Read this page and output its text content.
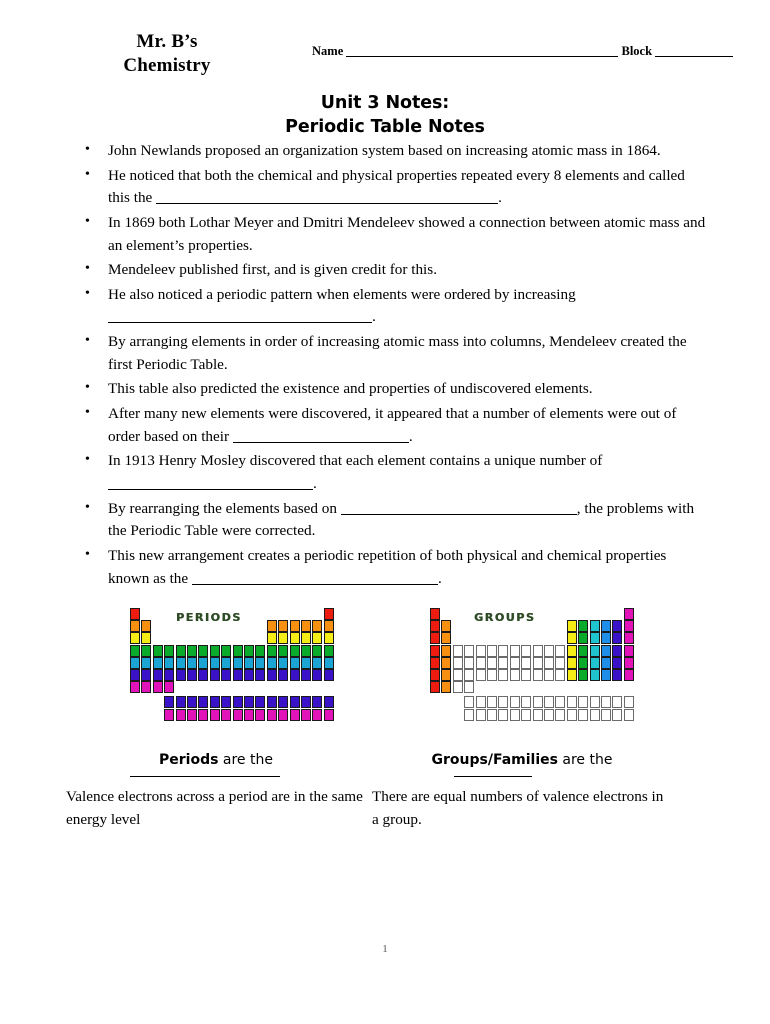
Mr. B’s
Chemistry
Name	Block
Unit 3 Notes:
Periodic Table Notes
• John Newlands proposed an organization system based on increasing atomic mass in 1864.
• He noticed that both the chemical and physical properties repeated every 8 elements and called this the	.
• In 1869 both Lothar Meyer and Dmitri Mendeleev showed a connection between atomic mass and an element’s properties.
• Mendeleev published first, and is given credit for this.
• He also noticed a periodic pattern when elements were ordered by increasing
.
• By arranging elements in order of increasing atomic mass into columns, Mendeleev created the first Periodic Table.
• This table also predicted the existence and properties of undiscovered elements.
• After many new elements were discovered, it appeared that a number of elements were out of order based on their	.
• In 1913 Henry Mosley discovered that each element contains a unique number of
.
• By rearranging the elements based on	, the problems with the Periodic Table were corrected.
• This new arrangement creates a periodic repetition of both physical and chemical properties known as the	.
PERIODS	GROUPS
Periods are the
Valence electrons across a period are in the same energy level
Groups/Families are the
There are equal numbers of valence electrons in a group.
1
